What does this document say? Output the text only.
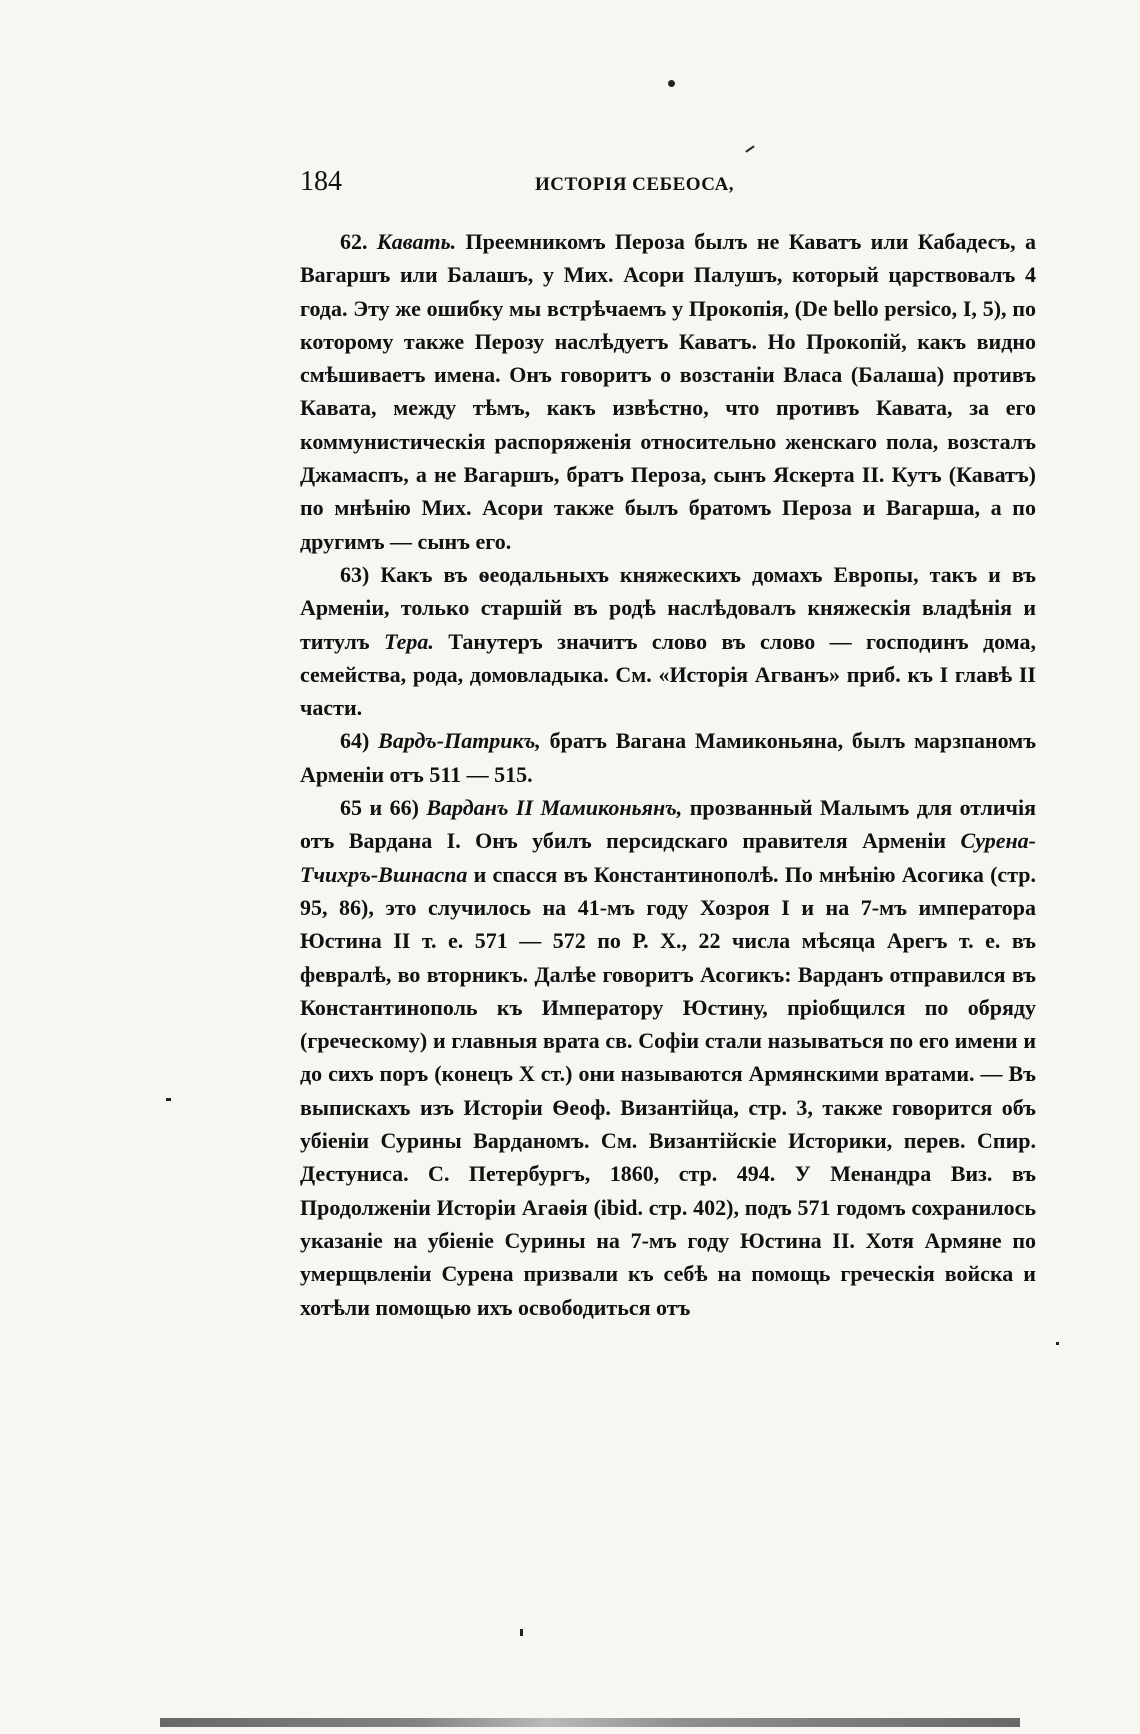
184	ИСТОРІЯ СЕБЕОСА,

62. Кавать. Преемникомъ Пероза былъ не Каватъ или Кабадесъ, а Вагаршъ или Балашъ, у Мих. Асори Палушъ, который царствовалъ 4 года. Эту же ошибку мы встрѣчаемъ у Прокопія, (De bello persico, I, 5), по которому также Перозу наслѣдуетъ Каватъ. Но Прокопій, какъ видно смѣшиваетъ имена. Онъ говоритъ о возстаніи Власа (Балаша) противъ Кавата, между тѣмъ, какъ извѣстно, что противъ Кавата, за его коммунистическія распоряженія относительно женскаго пола, возсталъ Джамаспъ, а не Вагаршъ, братъ Пероза, сынъ Яскерта II. Кутъ (Каватъ) по мнѣнію Мих. Асори также былъ братомъ Пероза и Вагарша, а по другимъ — сынъ его.

63) Какъ въ ѳеодальныхъ княжескихъ домахъ Европы, такъ и въ Арменіи, только старшій въ родѣ наслѣдовалъ княжескія владѣнія и титулъ Тера. Танутеръ значитъ слово въ слово — господинъ дома, семейства, рода, домовладыка. См. «Исторія Агванъ» приб. къ I главѣ II части.

64) Вардъ-Патрикъ, братъ Вагана Мамиконьяна, былъ марзпаномъ Арменіи отъ 511 — 515.

65 и 66) Варданъ II Мамиконьянъ, прозванный Малымъ для отличія отъ Вардана I. Онъ убилъ персидскаго правителя Арменіи Сурена-Тчихръ-Вшнаспа и спасся въ Константинополѣ. По мнѣнію Асогика (стр. 95, 86), это случилось на 41-мъ году Хозроя I и на 7-мъ императора Юстина II т. е. 571 — 572 по Р. Х., 22 числа мѣсяца Арегъ т. е. въ февралѣ, во вторникъ. Далѣе говоритъ Асогикъ: Варданъ отправился въ Константинополь къ Императору Юстину, пріобщился по обряду (греческому) и главныя врата св. Софіи стали называться по его имени и до сихъ поръ (конецъ X ст.) они называются Армянскими вратами. — Въ выпискахъ изъ Исторіи Ѳеоф. Византійца, стр. 3, также говорится объ убіеніи Сурины Варданомъ. См. Византійскіе Историки, перев. Спир. Дестуниса. С. Петербургъ, 1860, стр. 494. У Менандра Виз. въ Продолженіи Исторіи Агаѳія (ibid. стр. 402), подъ 571 годомъ сохранилось указаніе на убіеніе Сурины на 7-мъ году Юстина II. Хотя Армяне по умерщвленіи Сурена призвали къ себѣ на помощь греческія войска и хотѣли помощью ихъ освободиться отъ
